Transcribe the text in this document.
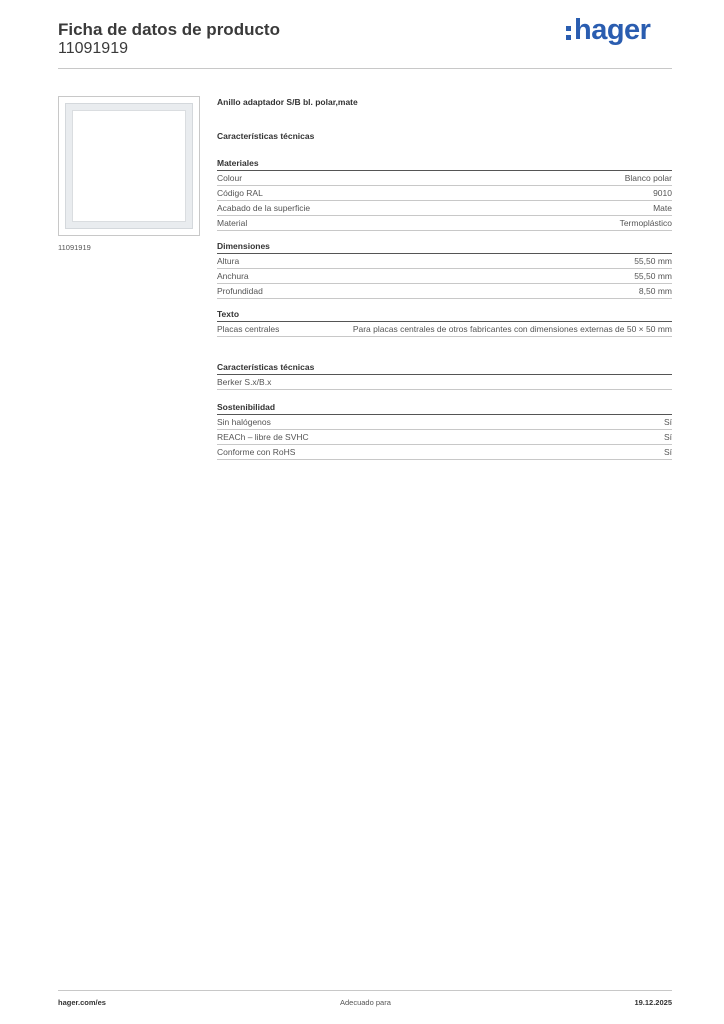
Ficha de datos de producto
11091919
hager
11091919
Anillo adaptador S/B bl. polar,mate
Características técnicas
Materiales
Colour	Blanco polar
Código RAL	9010
Acabado de la superficie	Mate
Material	Termoplástico
Dimensiones
Altura	55,50 mm
Anchura	55,50 mm
Profundidad	8,50 mm
Texto
Placas centrales	Para placas centrales de otros fabricantes con dimensiones externas de 50 × 50 mm
Características técnicas
Berker S.x/B.x
Sostenibilidad
Sin halógenos	Sí
REACh – libre de SVHC	Sí
Conforme con RoHS	Sí
hager.com/es	Adecuado para	19.12.2025
